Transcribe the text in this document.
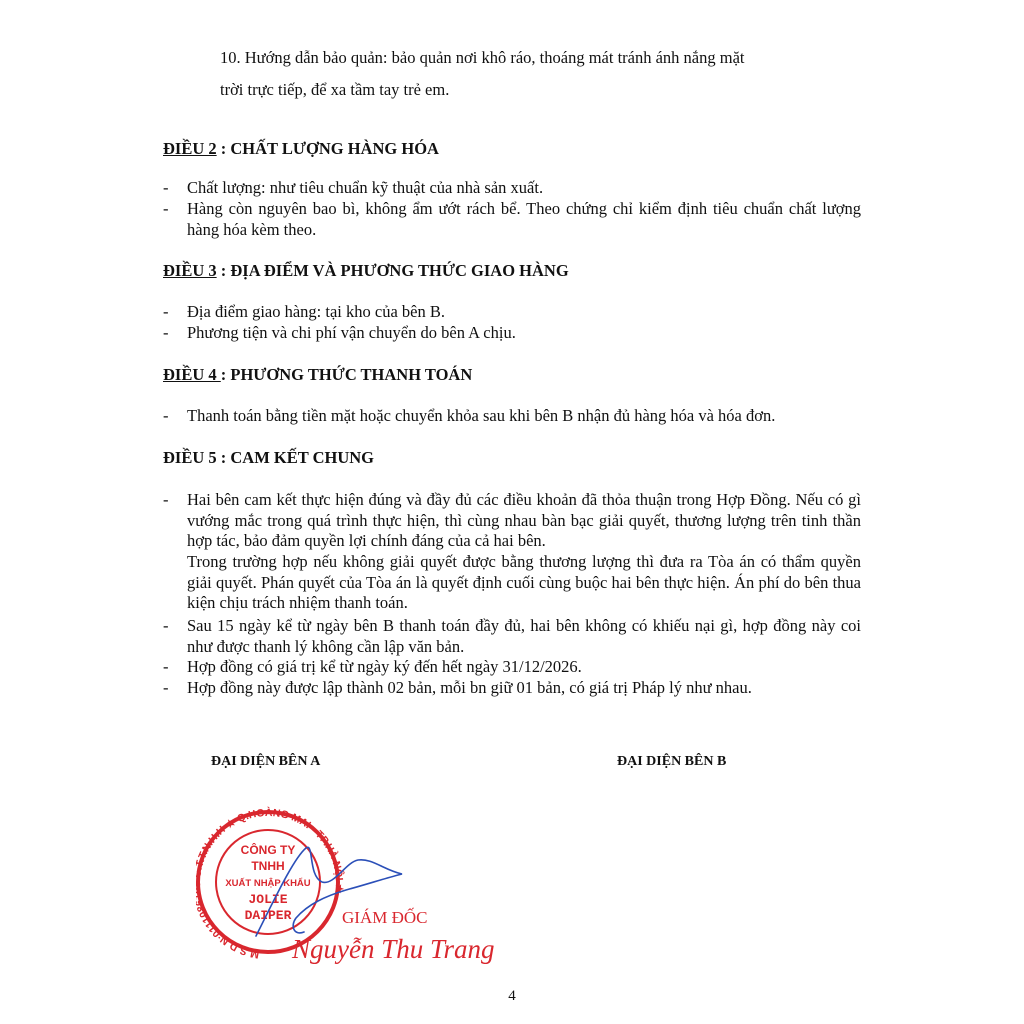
10. Hướng dẫn bảo quản: bảo quản nơi khô ráo, thoáng mát tránh ánh nắng mặt
trời trực tiếp, để xa tầm tay trẻ em.
ĐIỀU 2 : CHẤT LƯỢNG HÀNG HÓA
- Chất lượng: như tiêu chuẩn kỹ thuật của nhà sản xuất.
- Hàng còn nguyên bao bì, không ẩm ướt rách bể. Theo chứng chỉ kiểm định tiêu chuẩn chất lượng hàng hóa kèm theo.
ĐIỀU 3 : ĐỊA ĐIỂM VÀ PHƯƠNG THỨC GIAO HÀNG
- Địa điểm giao hàng: tại kho của bên B.
- Phương tiện và chi phí vận chuyển do bên A chịu.
ĐIỀU 4 : PHƯƠNG THỨC THANH TOÁN
- Thanh toán bằng tiền mặt hoặc chuyển khỏa sau khi bên B nhận đủ hàng hóa và hóa đơn.
ĐIỀU 5 : CAM KẾT CHUNG
- Hai bên cam kết thực hiện đúng và đầy đủ các điều khoản đã thỏa thuận trong Hợp Đồng. Nếu có gì vướng mắc trong quá trình thực hiện, thì cùng nhau bàn bạc giải quyết, thương lượng trên tinh thần hợp tác, bảo đảm quyền lợi chính đáng của cả hai bên.
Trong trường hợp nếu không giải quyết được bằng thương lượng thì đưa ra Tòa án có thẩm quyền giải quyết. Phán quyết của Tòa án là quyết định cuối cùng buộc hai bên thực hiện. Án phí do bên thua kiện chịu trách nhiệm thanh toán.
- Sau 15 ngày kể từ ngày bên B thanh toán đầy đủ, hai bên không có khiếu nại gì, hợp đồng này coi như được thanh lý không cần lập văn bản.
- Hợp đồng có giá trị kể từ ngày ký đến hết ngày 31/12/2026.
- Hợp đồng này được lập thành 02 bản, mỗi bn giữ 01 bản, có giá trị Pháp lý như nhau.
ĐẠI DIỆN BÊN A	ĐẠI DIỆN BÊN B
M.S.D.N:011108 .T.N.H.H ★ Q.HOÀNG MAI - TP.HÀ NỘI ★
CÔNG TY
TNHH
XUẤT NHẬP KHẨU
JOLIE
DAIPER	GIÁM ĐỐC
Nguyễn Thu Trang
4
